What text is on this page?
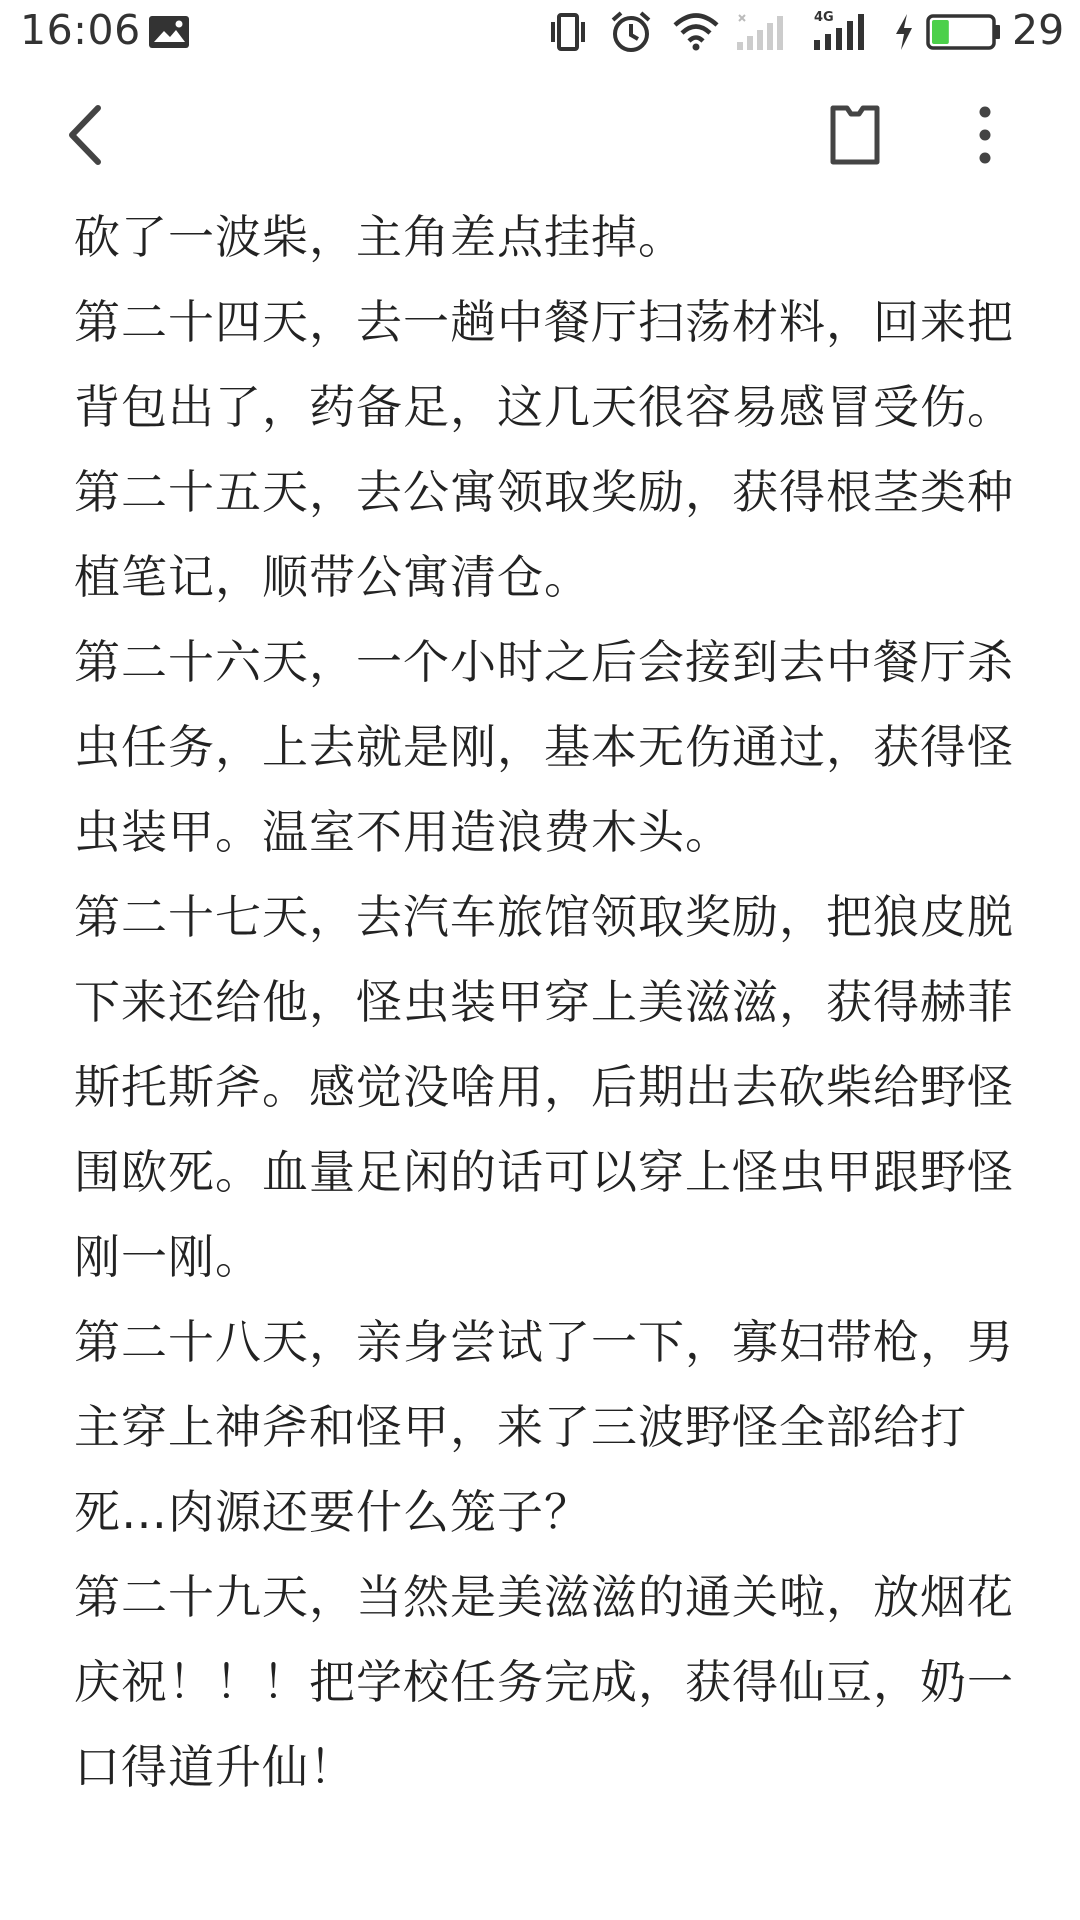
16:06	4G	29

砍了一波柴，主角差点挂掉。

第二十四天，去一趟中餐厅扫荡材料，回来把背包出了，药备足，这几天很容易感冒受伤。

第二十五天，去公寓领取奖励，获得根茎类种植笔记，顺带公寓清仓。

第二十六天，一个小时之后会接到去中餐厅杀虫任务，上去就是刚，基本无伤通过，获得怪虫装甲。温室不用造浪费木头。

第二十七天，去汽车旅馆领取奖励，把狼皮脱下来还给他，怪虫装甲穿上美滋滋，获得赫菲斯托斯斧。感觉没啥用，后期出去砍柴给野怪围欧死。血量足闲的话可以穿上怪虫甲跟野怪刚一刚。

第二十八天，亲身尝试了一下，寡妇带枪，男主穿上神斧和怪甲，来了三波野怪全部给打死…肉源还要什么笼子？

第二十九天，当然是美滋滋的通关啦，放烟花庆祝！！！把学校任务完成，获得仙豆，奶一口得道升仙！
